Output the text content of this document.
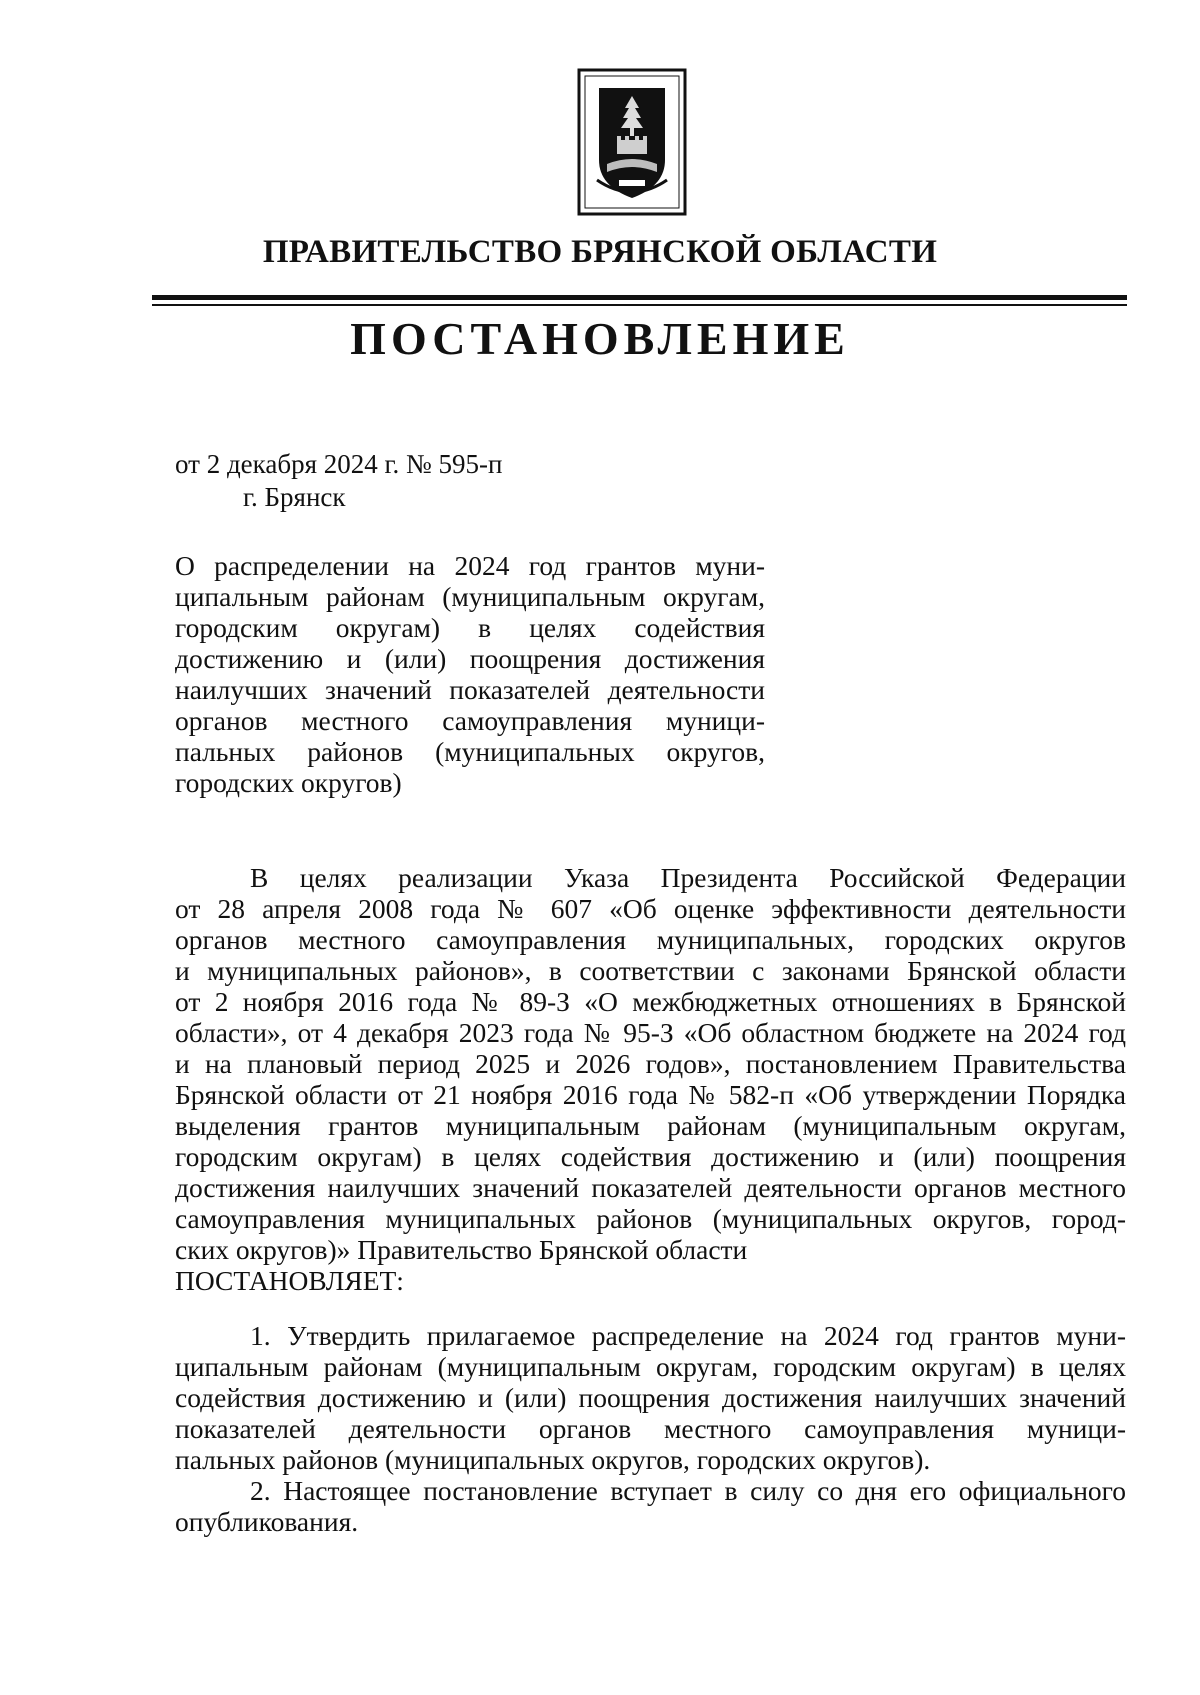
ПРАВИТЕЛЬСТВО БРЯНСКОЙ ОБЛАСТИ
ПОСТАНОВЛЕНИЕ
от 2 декабря 2024 г. № 595-п
г. Брянск
О распределении на 2024 год грантов муни-
ципальным районам (муниципальным округам,
городским округам) в целях содействия
достижению и (или) поощрения достижения
наилучших значений показателей деятельности
органов местного самоуправления муници-
пальных районов (муниципальных округов,
городских округов)
В целях реализации Указа Президента Российской Федерации
от 28 апреля 2008 года № 607 «Об оценке эффективности деятельности
органов местного самоуправления муниципальных, городских округов
и муниципальных районов», в соответствии с законами Брянской области
от 2 ноября 2016 года № 89-З «О межбюджетных отношениях в Брянской
области», от 4 декабря 2023 года № 95-З «Об областном бюджете на 2024 год
и на плановый период 2025 и 2026 годов», постановлением Правительства
Брянской области от 21 ноября 2016 года № 582-п «Об утверждении Порядка
выделения грантов муниципальным районам (муниципальным округам,
городским округам) в целях содействия достижению и (или) поощрения
достижения наилучших значений показателей деятельности органов местного
самоуправления муниципальных районов (муниципальных округов, город-
ских округов)» Правительство Брянской области
ПОСТАНОВЛЯЕТ:
1. Утвердить прилагаемое распределение на 2024 год грантов муни-
ципальным районам (муниципальным округам, городским округам) в целях
содействия достижению и (или) поощрения достижения наилучших значений
показателей деятельности органов местного самоуправления муници-
пальных районов (муниципальных округов, городских округов).
2. Настоящее постановление вступает в силу со дня его официального
опубликования.
